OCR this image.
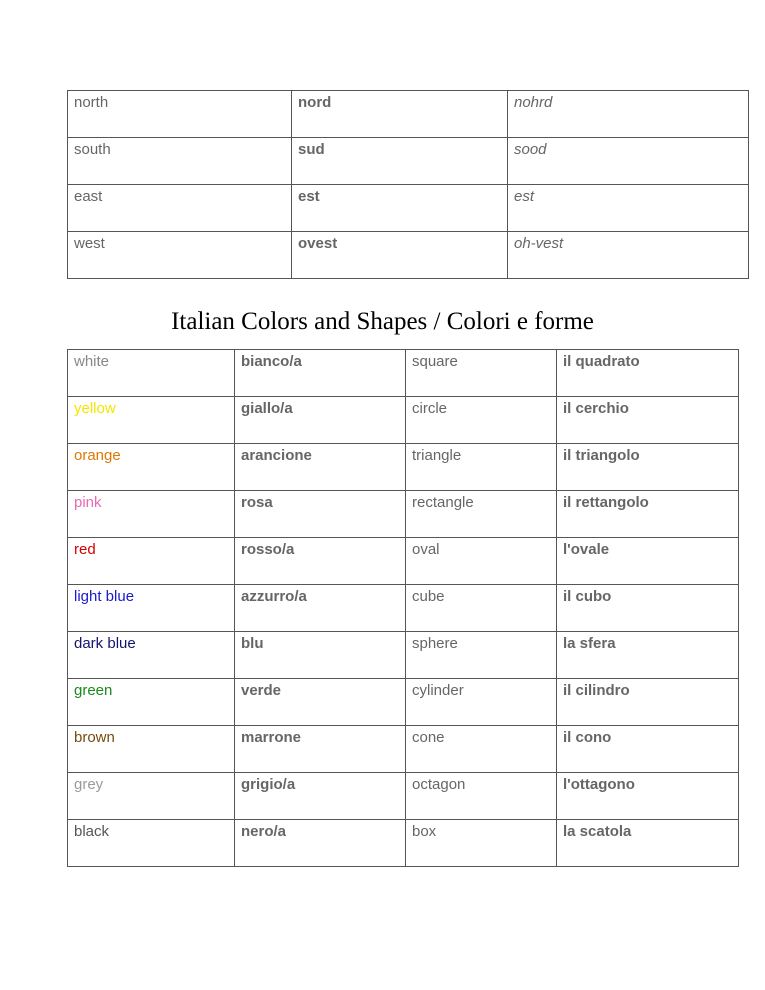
north	nord	nohrd
south	sud	sood
east	est	est
west	ovest	oh-vest
Italian Colors and Shapes / Colori e forme
white	bianco/a	square	il quadrato
yellow	giallo/a	circle	il cerchio
orange	arancione	triangle	il triangolo
pink	rosa	rectangle	il rettangolo
red	rosso/a	oval	l'ovale
light blue	azzurro/a	cube	il cubo
dark blue	blu	sphere	la sfera
green	verde	cylinder	il cilindro
brown	marrone	cone	il cono
grey	grigio/a	octagon	l'ottagono
black	nero/a	box	la scatola
